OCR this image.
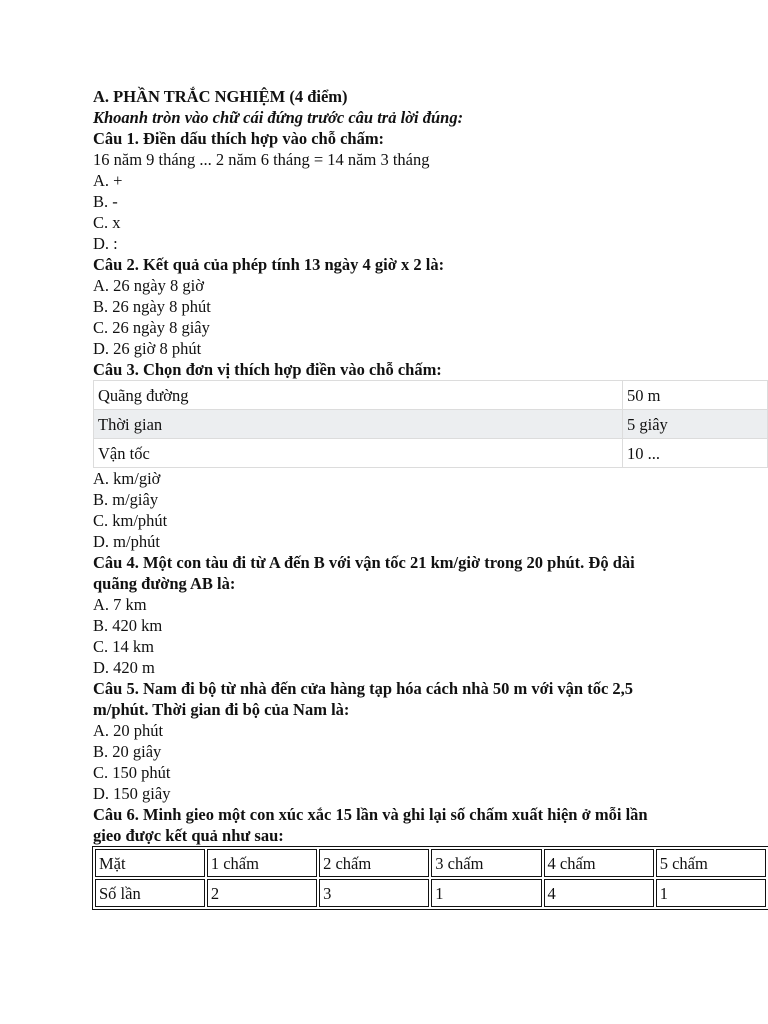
A. PHẦN TRẮC NGHIỆM (4 điểm)

Khoanh tròn vào chữ cái đứng trước câu trả lời đúng:

Câu 1. Điền dấu thích hợp vào chỗ chấm:

16 năm 9 tháng ... 2 năm 6 tháng = 14 năm 3 tháng

A. +

B. -

C. x

D. :

Câu 2. Kết quả của phép tính 13 ngày 4 giờ x 2 là:

A. 26 ngày 8 giờ

B. 26 ngày 8 phút

C. 26 ngày 8 giây

D. 26 giờ 8 phút

Câu 3. Chọn đơn vị thích hợp điền vào chỗ chấm:

Quãng đường	50 m
Thời gian	5 giây
Vận tốc	10 ...

A. km/giờ

B. m/giây

C. km/phút

D. m/phút

Câu 4. Một con tàu đi từ A đến B với vận tốc 21 km/giờ trong 20 phút. Độ dài quãng đường AB là:

A. 7 km

B. 420 km

C. 14 km

D. 420 m

Câu 5. Nam đi bộ từ nhà đến cửa hàng tạp hóa cách nhà 50 m với vận tốc 2,5 m/phút. Thời gian đi bộ của Nam là:

A. 20 phút

B. 20 giây

C. 150 phút

D. 150 giây

Câu 6. Minh gieo một con xúc xắc 15 lần và ghi lại số chấm xuất hiện ở mỗi lần gieo được kết quả như sau:

Mặt	1 chấm	2 chấm	3 chấm	4 chấm	5 chấm
Số lần	2	3	1	4	1
